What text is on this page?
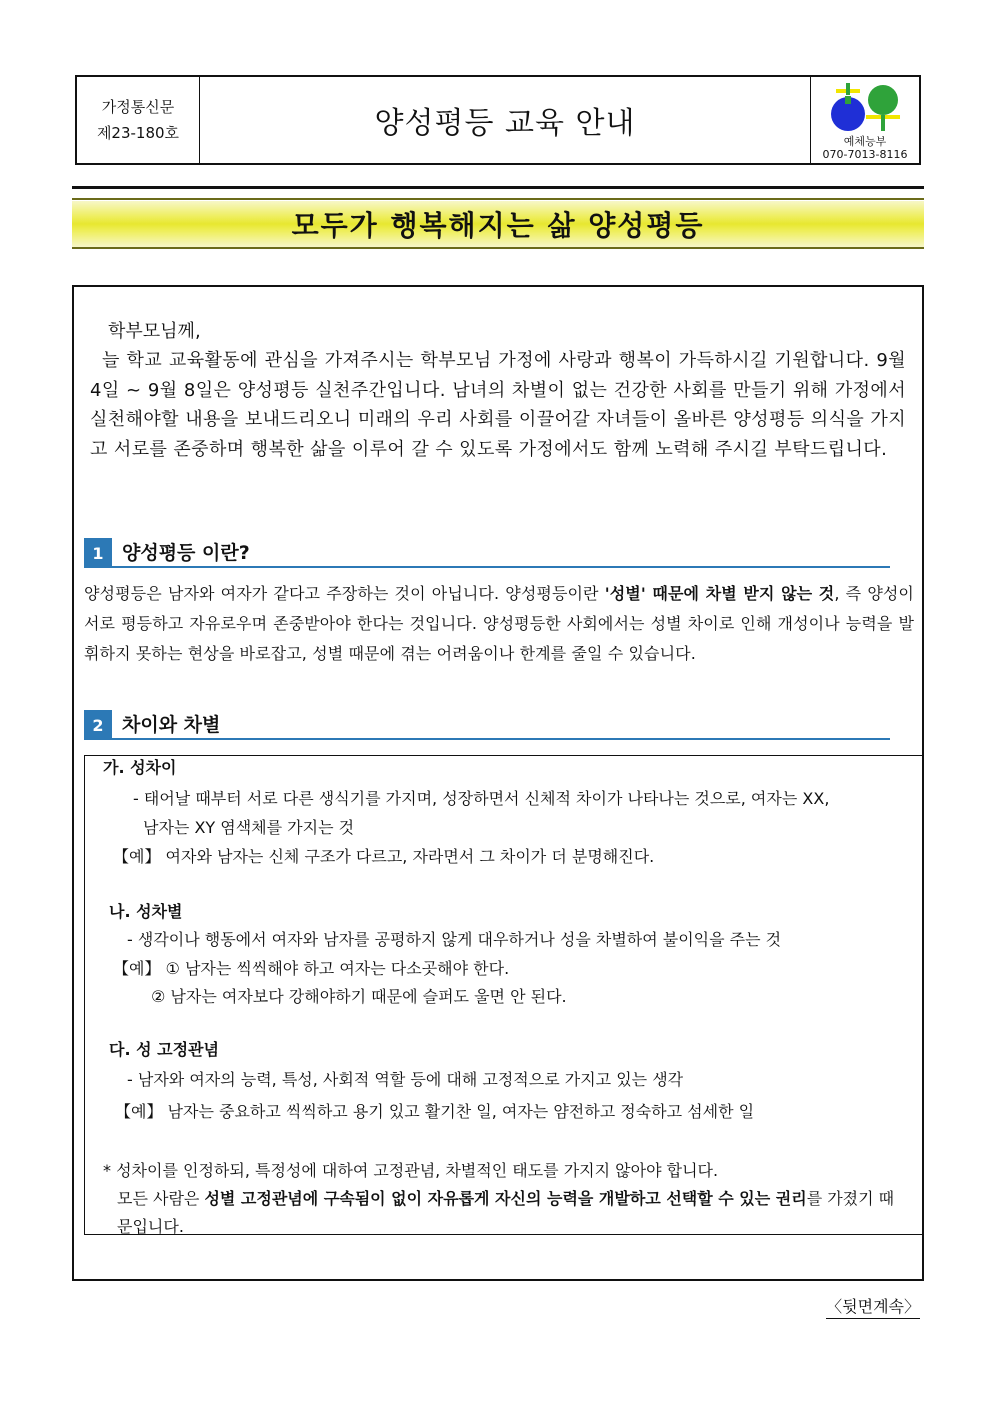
가정통신문
제23-180호	양성평등 교육 안내
예체능부
070-7013-8116
모두가 행복해지는 삶 양성평등
학부모님께,

늘 학교 교육활동에 관심을 가져주시는 학부모님 가정에 사랑과 행복이 가득하시길 기원합니다. 9월 4일 ~ 9월 8일은 양성평등 실천주간입니다. 남녀의 차별이 없는 건강한 사회를 만들기 위해 가정에서 실천해야할 내용을 보내드리오니 미래의 우리 사회를 이끌어갈 자녀들이 올바른 양성평등 의식을 가지고 서로를 존중하며 행복한 삶을 이루어 갈 수 있도록 가정에서도 함께 노력해 주시길 부탁드립니다.

1 양성평등 이란?
양성평등은 남자와 여자가 같다고 주장하는 것이 아닙니다. 양성평등이란 '성별' 때문에 차별 받지 않는 것, 즉 양성이 서로 평등하고 자유로우며 존중받아야 한다는 것입니다. 양성평등한 사회에서는 성별 차이로 인해 개성이나 능력을 발휘하지 못하는 현상을 바로잡고, 성별 때문에 겪는 어려움이나 한계를 줄일 수 있습니다.
2 차이와 차별
가. 성차이
- 태어날 때부터 서로 다른 생식기를 가지며, 성장하면서 신체적 차이가 나타나는 것으로, 여자는 XX,
남자는 XY 염색체를 가지는 것
【예】 여자와 남자는 신체 구조가 다르고, 자라면서 그 차이가 더 분명해진다.
나. 성차별
- 생각이나 행동에서 여자와 남자를 공평하지 않게 대우하거나 성을 차별하여 불이익을 주는 것
【예】 ① 남자는 씩씩해야 하고 여자는 다소곳해야 한다.
② 남자는 여자보다 강해야하기 때문에 슬퍼도 울면 안 된다.
다. 성 고정관념
- 남자와 여자의 능력, 특성, 사회적 역할 등에 대해 고정적으로 가지고 있는 생각
【예】 남자는 중요하고 씩씩하고 용기 있고 활기찬 일, 여자는 얌전하고 정숙하고 섬세한 일
* 성차이를 인정하되, 특정성에 대하여 고정관념, 차별적인 태도를 가지지 않아야 합니다.
모든 사람은 성별 고정관념에 구속됨이 없이 자유롭게 자신의 능력을 개발하고 선택할 수 있는 권리를 가졌기 때문입니다.
〈뒷면계속〉
